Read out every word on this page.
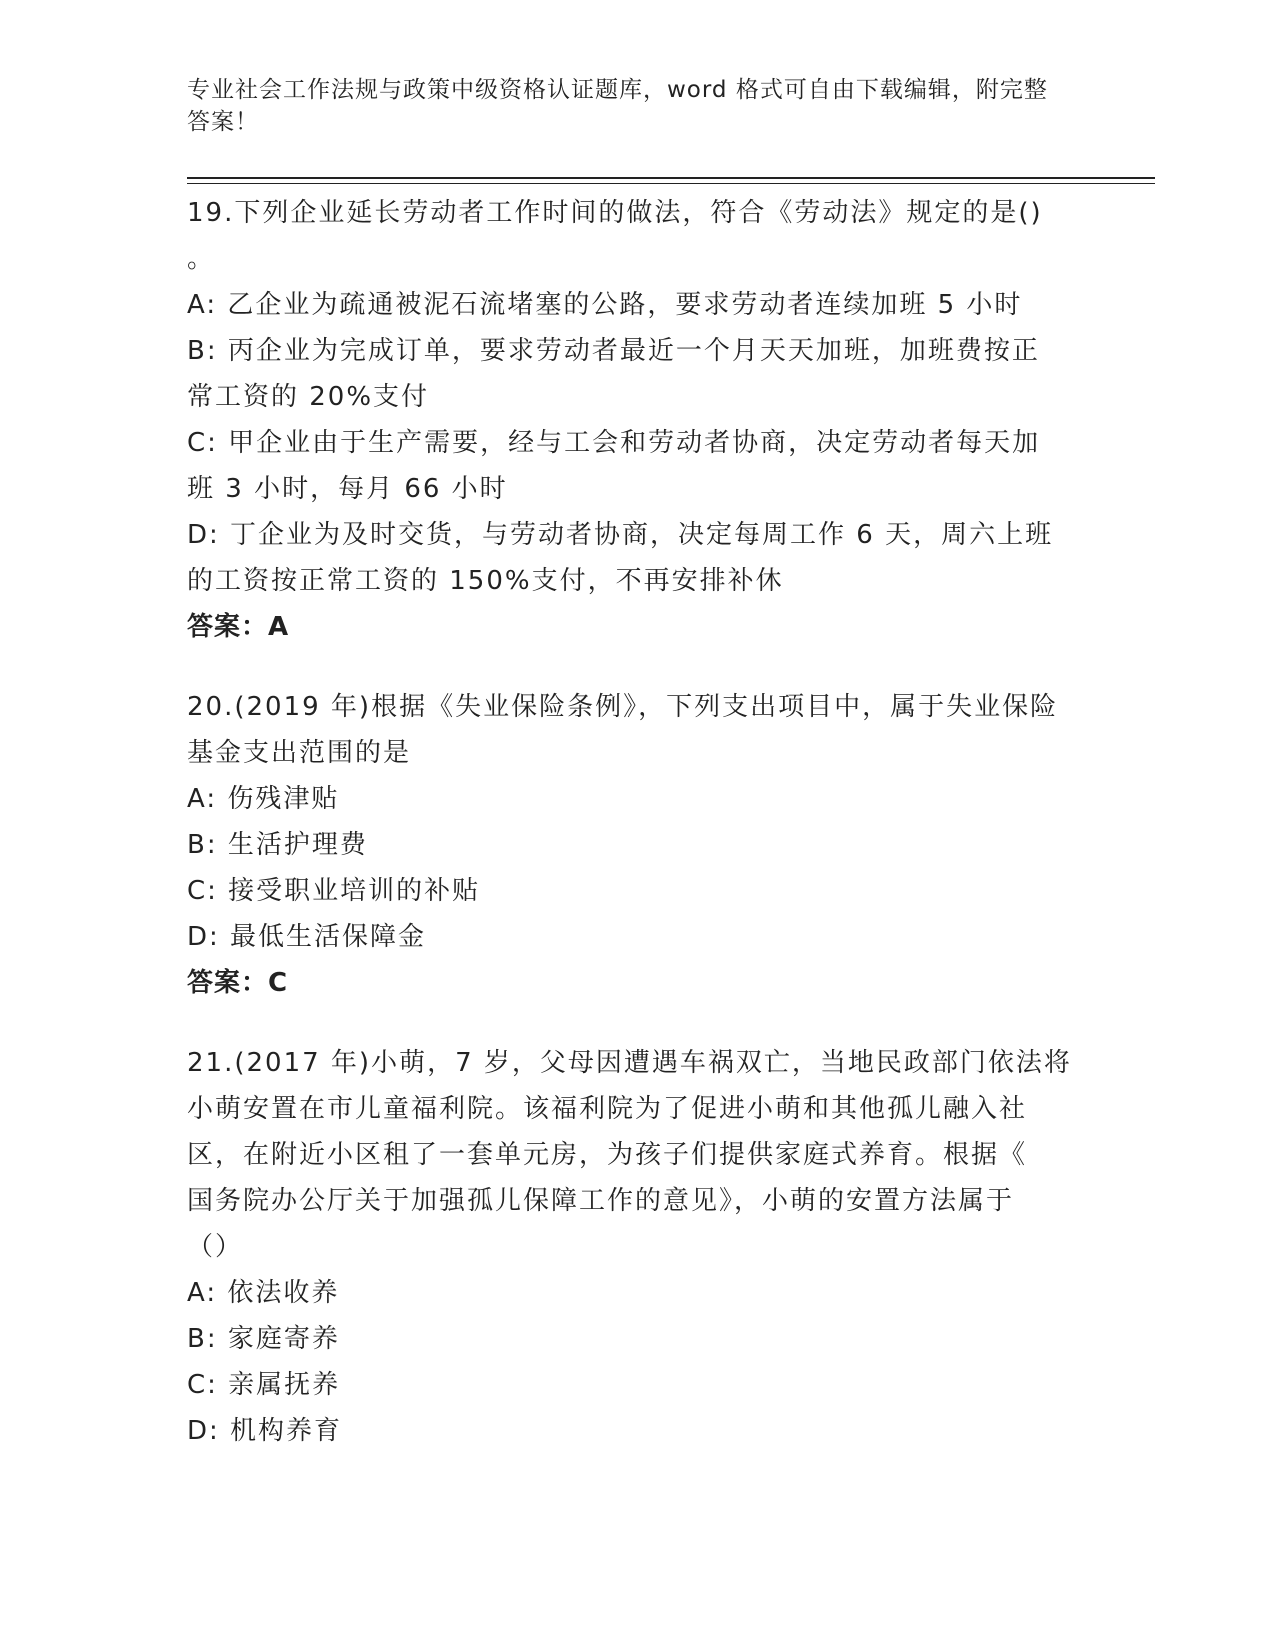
专业社会工作法规与政策中级资格认证题库，word 格式可自由下载编辑，附完整
答案！
19.下列企业延长劳动者工作时间的做法，符合《劳动法》规定的是()
。
A: 乙企业为疏通被泥石流堵塞的公路，要求劳动者连续加班 5 小时
B: 丙企业为完成订单，要求劳动者最近一个月天天加班，加班费按正
常工资的 20%支付
C: 甲企业由于生产需要，经与工会和劳动者协商，决定劳动者每天加
班 3 小时，每月 66 小时
D: 丁企业为及时交货，与劳动者协商，决定每周工作 6 天，周六上班
的工资按正常工资的 150%支付，不再安排补休
答案：A
20.(2019 年)根据《失业保险条例》，下列支出项目中，属于失业保险
基金支出范围的是
A: 伤残津贴
B: 生活护理费
C: 接受职业培训的补贴
D: 最低生活保障金
答案：C
21.(2017 年)小萌，7 岁，父母因遭遇车祸双亡，当地民政部门依法将
小萌安置在市儿童福利院。该福利院为了促进小萌和其他孤儿融入社
区，在附近小区租了一套单元房，为孩子们提供家庭式养育。根据《
国务院办公厅关于加强孤儿保障工作的意见》，小萌的安置方法属于
（）
A: 依法收养
B: 家庭寄养
C: 亲属抚养
D: 机构养育
